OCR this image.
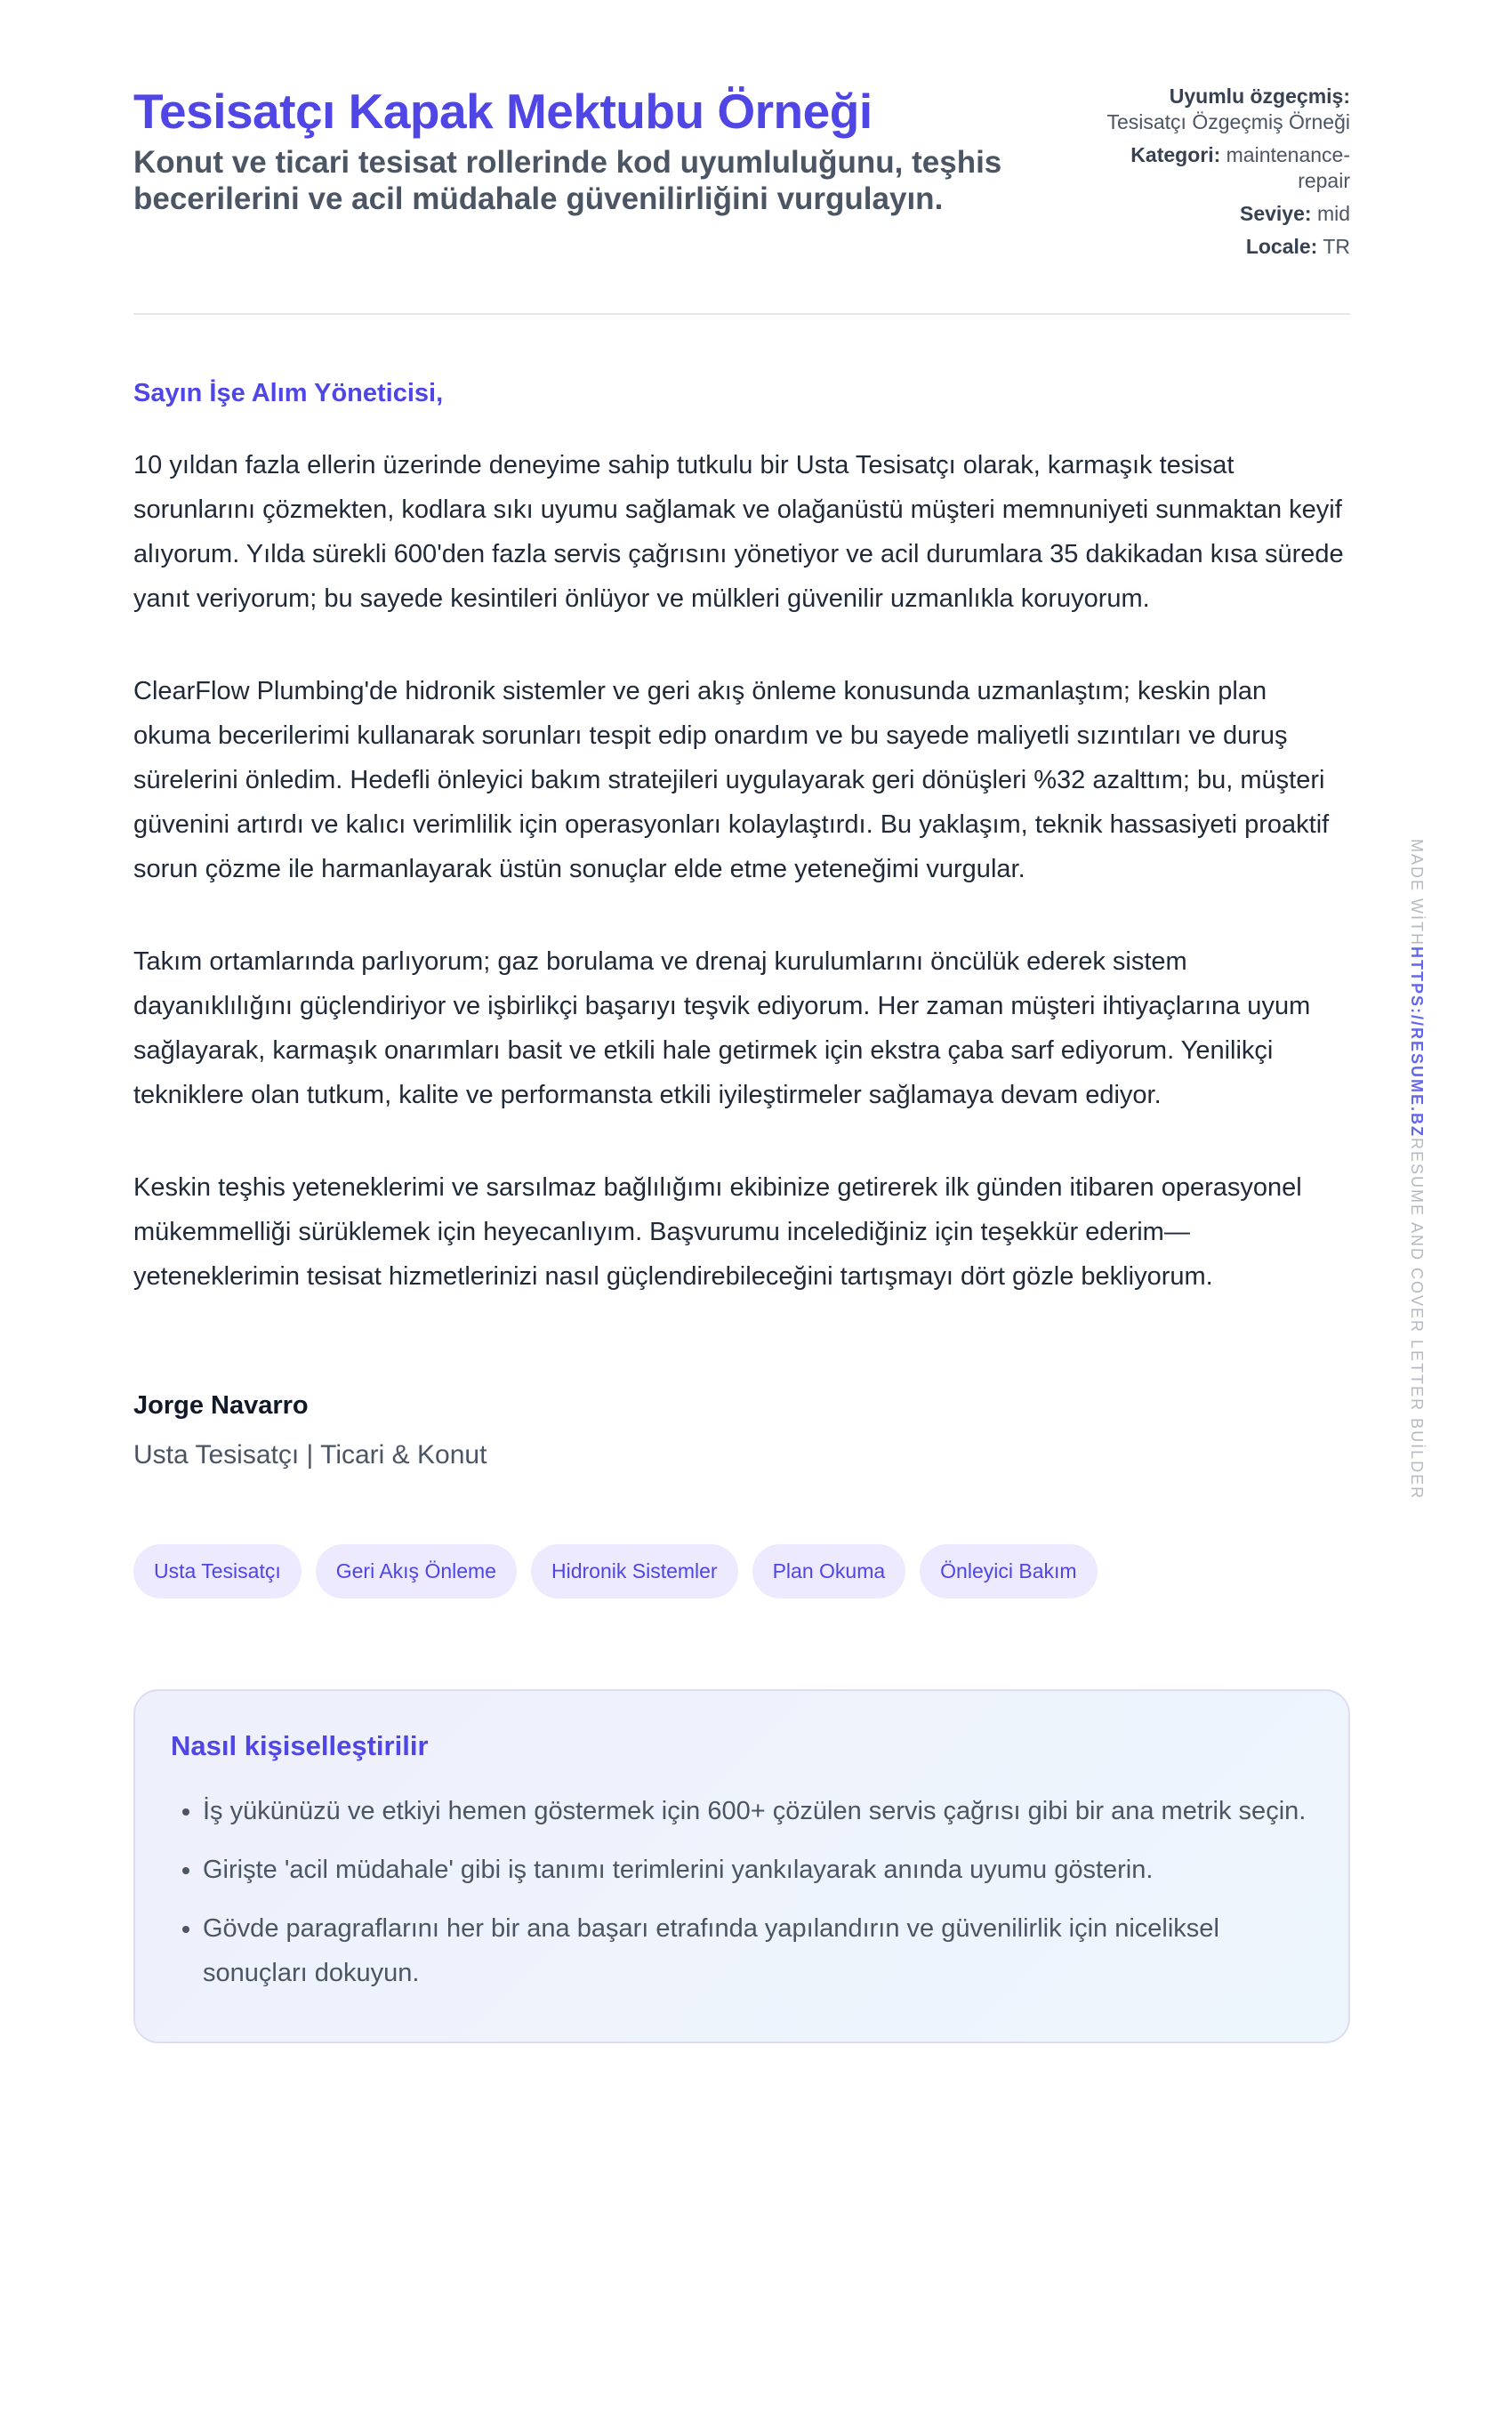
Tesisatçı Kapak Mektubu Örneği

Konut ve ticari tesisat rollerinde kod uyumluluğunu, teşhis becerilerini ve acil müdahale güvenilirliğini vurgulayın.

Uyumlu özgeçmiş:
Tesisatçı Özgeçmiş Örneği
Kategori: maintenance-repair
Seviye: mid
Locale: TR
Sayın İşe Alım Yöneticisi,

10 yıldan fazla ellerin üzerinde deneyime sahip tutkulu bir Usta Tesisatçı olarak, karmaşık tesisat sorunlarını çözmekten, kodlara sıkı uyumu sağlamak ve olağanüstü müşteri memnuniyeti sunmaktan keyif alıyorum. Yılda sürekli 600'den fazla servis çağrısını yönetiyor ve acil durumlara 35 dakikadan kısa sürede yanıt veriyorum; bu sayede kesintileri önlüyor ve mülkleri güvenilir uzmanlıkla koruyorum.

ClearFlow Plumbing'de hidronik sistemler ve geri akış önleme konusunda uzmanlaştım; keskin plan okuma becerilerimi kullanarak sorunları tespit edip onardım ve bu sayede maliyetli sızıntıları ve duruş sürelerini önledim. Hedefli önleyici bakım stratejileri uygulayarak geri dönüşleri %32 azalttım; bu, müşteri güvenini artırdı ve kalıcı verimlilik için operasyonları kolaylaştırdı. Bu yaklaşım, teknik hassasiyeti proaktif sorun çözme ile harmanlayarak üstün sonuçlar elde etme yeteneğimi vurgular.

Takım ortamlarında parlıyorum; gaz borulama ve drenaj kurulumlarını öncülük ederek sistem dayanıklılığını güçlendiriyor ve işbirlikçi başarıyı teşvik ediyorum. Her zaman müşteri ihtiyaçlarına uyum sağlayarak, karmaşık onarımları basit ve etkili hale getirmek için ekstra çaba sarf ediyorum. Yenilikçi tekniklere olan tutkum, kalite ve performansta etkili iyileştirmeler sağlamaya devam ediyor.

Keskin teşhis yeteneklerimi ve sarsılmaz bağlılığımı ekibinize getirerek ilk günden itibaren operasyonel mükemmelliği sürüklemek için heyecanlıyım. Başvurumu incelediğiniz için teşekkür ederim—yeteneklerimin tesisat hizmetlerinizi nasıl güçlendirebileceğini tartışmayı dört gözle bekliyorum.

Jorge Navarro
Usta Tesisatçı | Ticari & Konut
Usta Tesisatçı	Geri Akış Önleme	Hidronik Sistemler	Plan Okuma	Önleyici Bakım
Nasıl kişiselleştirilir
• İş yükünüzü ve etkiyi hemen göstermek için 600+ çözülen servis çağrısı gibi bir ana metrik seçin.
• Girişte 'acil müdahale' gibi iş tanımı terimlerini yankılayarak anında uyumu gösterin.
• Gövde paragraflarını her bir ana başarı etrafında yapılandırın ve güvenilirlik için niceliksel sonuçları dokuyun.
MADE WİTHHTTPS://RESUME.BZRESUME AND COVER LETTER BUİLDER
